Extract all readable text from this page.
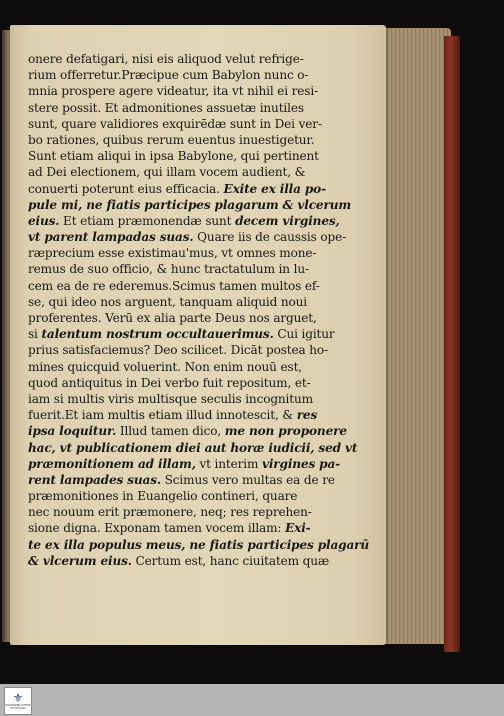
onere defatigari, nisi eis aliquod velut refrige-
rium offerretur.Præcipue cum Babylon nunc o-
mnia prospere agere videatur, ita vt nihil ei resi-
stere possit. Et admonitiones assuetæ inutiles
sunt, quare validiores exquirēdæ sunt in Dei ver-
bo rationes, quibus rerum euentus inuestigetur.
Sunt etiam aliqui in ipsa Babylone, qui pertinent
ad Dei electionem, qui illam vocem audient, &
conuerti poterunt eius efficacia. Exite ex illa po-
pule mi, ne fiatis participes plagarum & vlcerum
eius. Et etiam præmonendæ sunt decem virgines,
vt parent lampadas suas. Quare iis de caussis ope-
ræprecium esse existimau'mus, vt omnes mone-
remus de suo officio, & hunc tractatulum in lu-
cem ea de re ederemus.Scimus tamen multos ef-
se, qui ideo nos arguent, tanquam aliquid noui
proferentes. Verū ex alia parte Deus nos arguet,
si talentum nostrum occultauerimus. Cui igitur
prius satisfaciemus? Deo scilicet. Dicāt postea ho-
mines quicquid voluerint. Non enim nouū est,
quod antiquitus in Dei verbo fuit repositum, et-
iam si multis viris multisque seculis incognitum
fuerit.Et iam multis etiam illud innotescit, & res
ipsa loquitur. Illud tamen dico, me non proponere
hac, vt publicationem diei aut horæ iudicii, sed vt
præmonitionem ad illam, vt interim virgines pa-
rent lampades suas. Scimus vero multas ea de re
præmonitiones in Euangelio contineri, quare
nec nouum erit præmonere, neq; res reprehen-
sione digna. Exponam tamen vocem illam: Exi-
te ex illa populus meus, ne fiatis participes plagarū
& vlcerum eius. Certum est, hanc ciuitatem quæ
⚜
STAATSBIBLIOTHEK
STUTTGART
